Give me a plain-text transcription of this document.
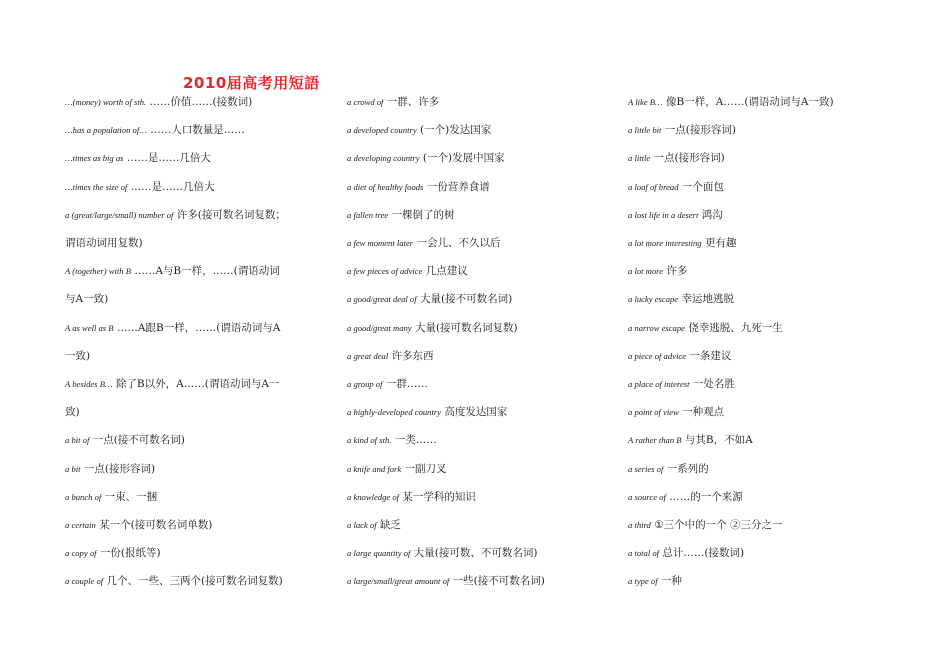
2010届高考用短語
…(money) worth of sth. ……价值……(接数词)
…has a population of… ……人口数量是……
…times as big as ……是……几倍大
…times the size of ……是……几倍大
a (great/large/small) number of 许多(接可数名词复数；
谓语动词用复数)
A (together) with B ……A与B一样，……(谓语动词
与A一致)
A as well as B ……A跟B一样，……(谓语动词与A
一致)
A besides B… 除了B以外，A……(谓语动词与A一
致)
a bit of 一点(接不可数名词)
a bit 一点(接形容词)
a bunch of 一束、一捆
a certain 某一个(接可数名词单数)
a copy of 一份(报纸等)
a couple of 几个、一些、三两个(接可数名词复数)
a crowd of 一群、许多
a developed country (一个)发达国家
a developing country (一个)发展中国家
a diet of healthy foods 一份营养食谱
a fallen tree 一棵倒了的树
a few moment later 一会儿、不久以后
a few pieces of advice 几点建议
a good/great deal of 大量(接不可数名词)
a good/great many 大量(接可数名词复数)
a great deal 许多东西
a group of 一群……
a highly-developed country 高度发达国家
a kind of sth. 一类……
a knife and fork 一副刀叉
a knowledge of 某一学科的知识
a lack of 缺乏
a large quantity of 大量(接可数、不可数名词)
a large/small/great amount of 一些(接不可数名词)
A like B… 像B一样，A……(谓语动词与A一致)
a little bit 一点(接形容词)
a little 一点(接形容词)
a loaf of bread 一个面包
a lost life in a desert 鸿沟
a lot more interesting 更有趣
a lot more 许多
a lucky escape 幸运地逃脱
a narrow escape 侥幸逃脱、九死一生
a piece of advice 一条建议
a place of interest 一处名胜
a point of view 一种观点
A rather than B 与其B，不如A
a series of 一系列的
a source of ……的一个来源
a third ①三个中的一个 ②三分之一
a total of 总计……(接数词)
a type of 一种
